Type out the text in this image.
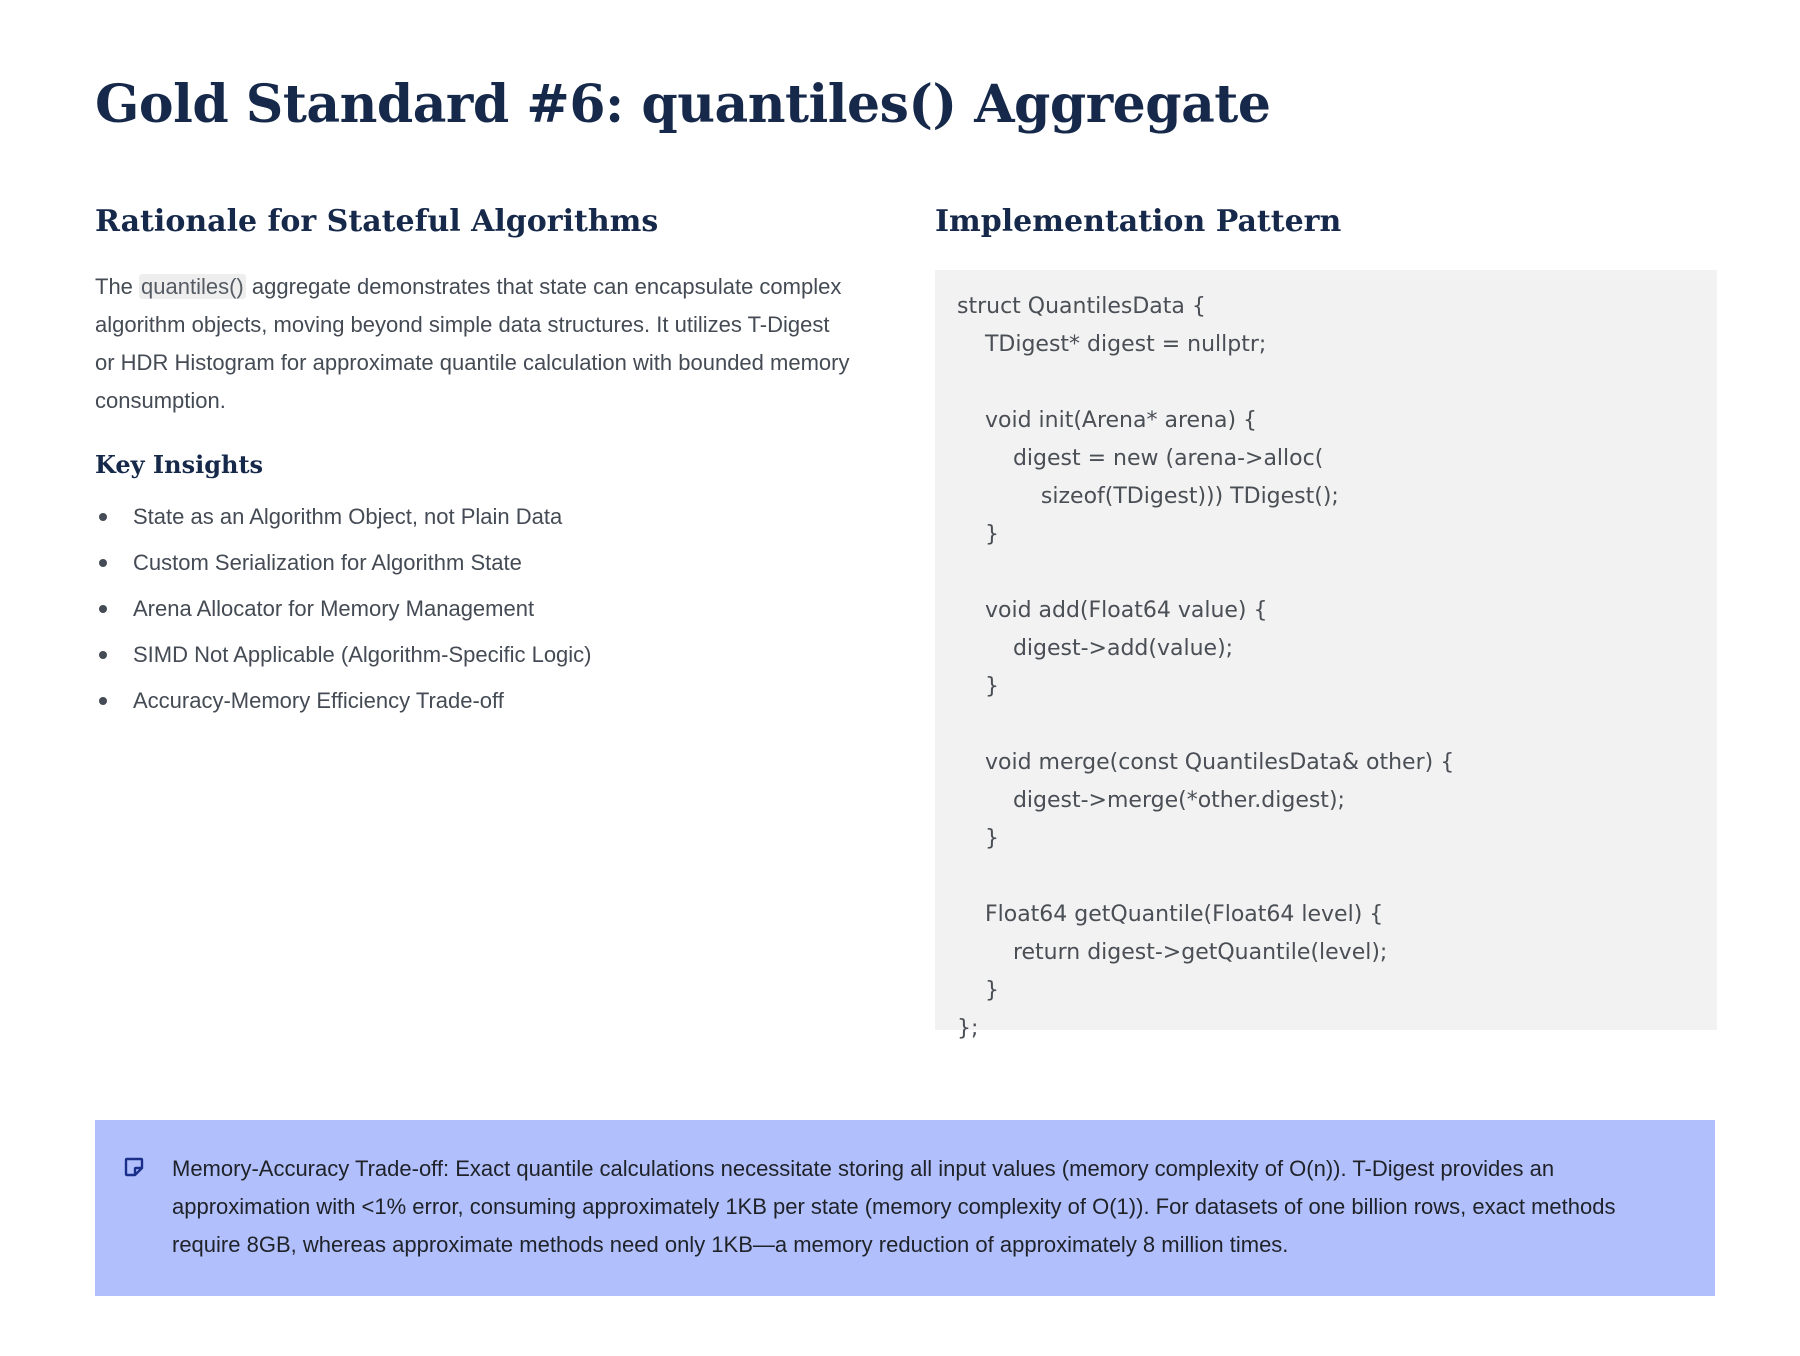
Gold Standard #6: quantiles() Aggregate
Rationale for Stateful Algorithms

The quantiles() aggregate demonstrates that state can encapsulate complex algorithm objects, moving beyond simple data structures. It utilizes T-Digest or HDR Histogram for approximate quantile calculation with bounded memory consumption.

Key Insights
State as an Algorithm Object, not Plain Data
Custom Serialization for Algorithm State
Arena Allocator for Memory Management
SIMD Not Applicable (Algorithm-Specific Logic)
Accuracy-Memory Efficiency Trade-off
Implementation Pattern
struct QuantilesData {
TDigest* digest = nullptr;
void init(Arena* arena) {
digest = new (arena->alloc(
sizeof(TDigest))) TDigest();
}
void add(Float64 value) {
digest->add(value);
}
void merge(const QuantilesData& other) {
digest->merge(*other.digest);
}
Float64 getQuantile(Float64 level) {
return digest->getQuantile(level);
}
};

Memory-Accuracy Trade-off: Exact quantile calculations necessitate storing all input values (memory complexity of O(n)). T-Digest provides an approximation with <1% error, consuming approximately 1KB per state (memory complexity of O(1)). For datasets of one billion rows, exact methods require 8GB, whereas approximate methods need only 1KB—a memory reduction of approximately 8 million times.
